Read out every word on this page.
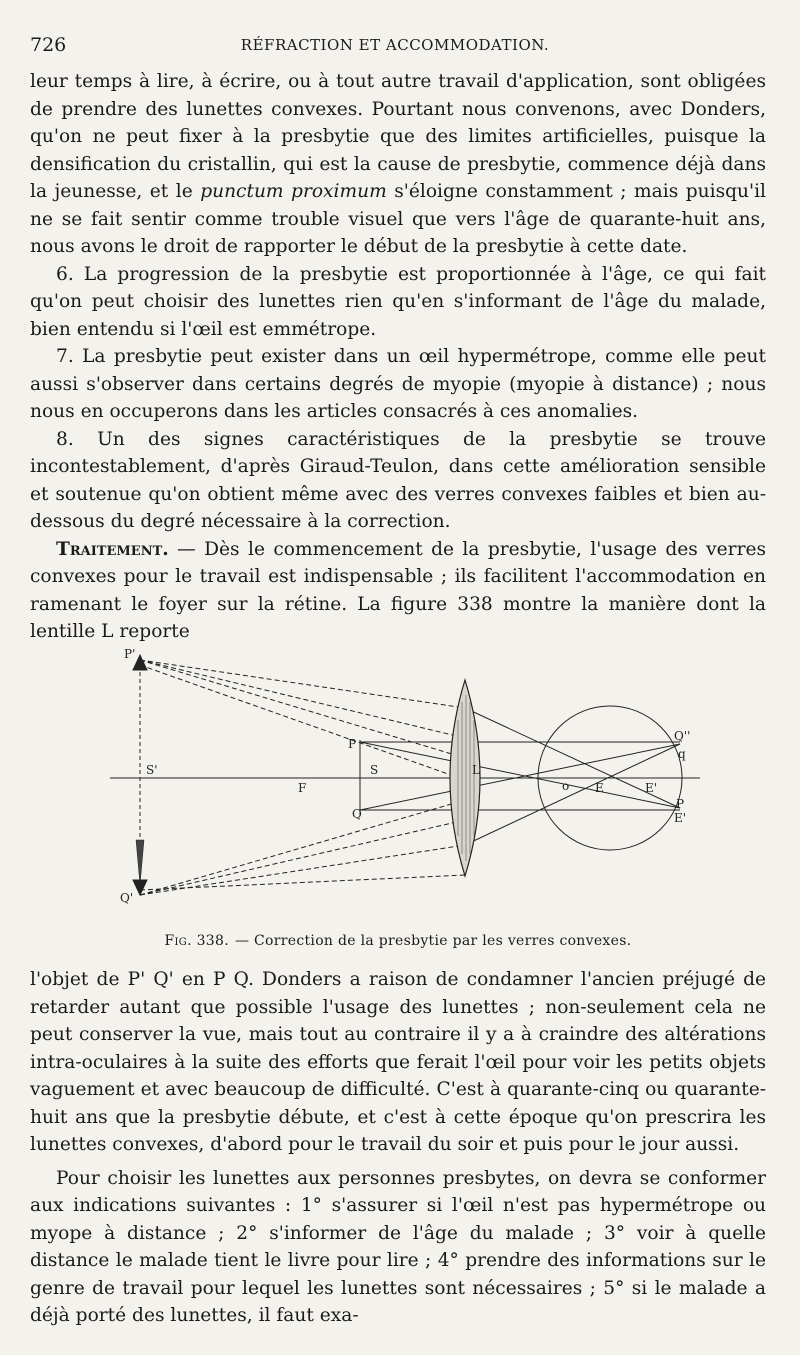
726	RÉFRACTION ET ACCOMMODATION.

leur temps à lire, à écrire, ou à tout autre travail d'application, sont obligées de prendre des lunettes convexes. Pourtant nous convenons, avec Donders, qu'on ne peut fixer à la presbytie que des limites artificielles, puisque la densification du cristallin, qui est la cause de presbytie, commence déjà dans la jeunesse, et le punctum proximum s'éloigne constamment ; mais puisqu'il ne se fait sentir comme trouble visuel que vers l'âge de quarante-huit ans, nous avons le droit de rapporter le début de la presbytie à cette date.

6. La progression de la presbytie est proportionnée à l'âge, ce qui fait qu'on peut choisir des lunettes rien qu'en s'informant de l'âge du malade, bien entendu si l'œil est emmétrope.

7. La presbytie peut exister dans un œil hypermétrope, comme elle peut aussi s'observer dans certains degrés de myopie (myopie à distance) ; nous nous en occuperons dans les articles consacrés à ces anomalies.

8. Un des signes caractéristiques de la presbytie se trouve incontestablement, d'après Giraud-Teulon, dans cette amélioration sensible et soutenue qu'on obtient même avec des verres convexes faibles et bien au-dessous du degré nécessaire à la correction.

Traitement. — Dès le commencement de la presbytie, l'usage des verres convexes pour le travail est indispensable ; ils facilitent l'accommodation en ramenant le foyer sur la rétine. La figure 338 montre la manière dont la lentille L reporte

P'
Q'
S'
P
Q
S
F
L
o	E'
E
Q''
q
P
E'
Fig. 338. — Correction de la presbytie par les verres convexes.

l'objet de P' Q' en P Q. Donders a raison de condamner l'ancien préjugé de retarder autant que possible l'usage des lunettes ; non-seulement cela ne peut conserver la vue, mais tout au contraire il y a à craindre des altérations intra-oculaires à la suite des efforts que ferait l'œil pour voir les petits objets vaguement et avec beaucoup de difficulté. C'est à quarante-cinq ou quarante-huit ans que la presbytie débute, et c'est à cette époque qu'on prescrira les lunettes convexes, d'abord pour le travail du soir et puis pour le jour aussi.

Pour choisir les lunettes aux personnes presbytes, on devra se conformer aux indications suivantes : 1° s'assurer si l'œil n'est pas hypermétrope ou myope à distance ; 2° s'informer de l'âge du malade ; 3° voir à quelle distance le malade tient le livre pour lire ; 4° prendre des informations sur le genre de travail pour lequel les lunettes sont nécessaires ; 5° si le malade a déjà porté des lunettes, il faut exa-
